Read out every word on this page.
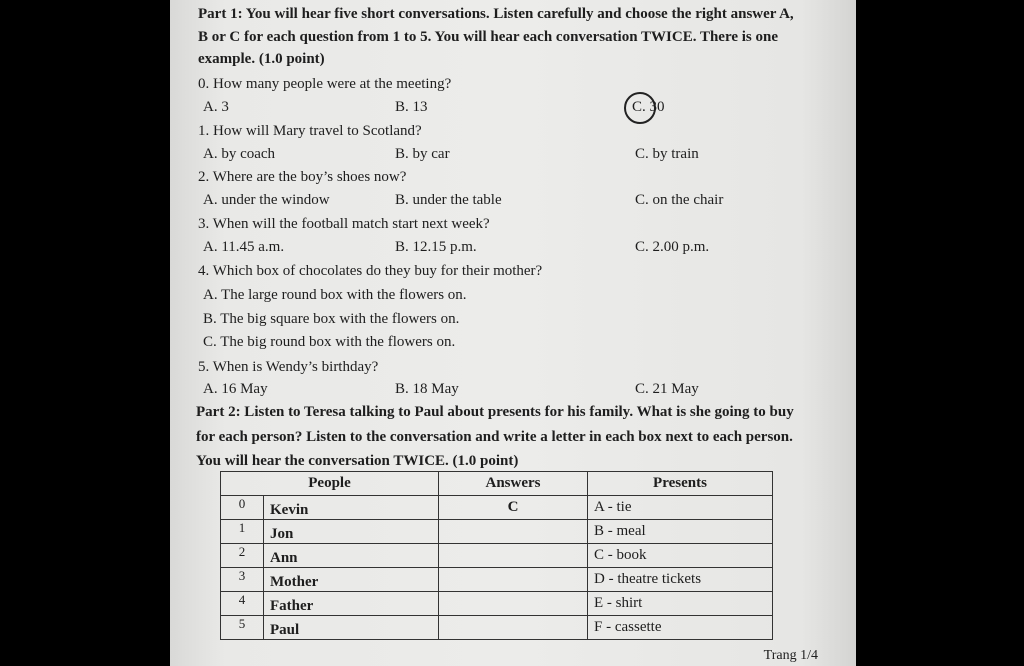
Part 1: You will hear five short conversations. Listen carefully and choose the right answer A,
B or C for each question from 1 to 5. You will hear each conversation TWICE. There is one
example. (1.0 point)
0. How many people were at the meeting?
A. 3	B. 13	C. 30
1. How will Mary travel to Scotland?
A. by coach	B. by car	C. by train
2. Where are the boy’s shoes now?
A. under the window	B. under the table	C. on the chair
3. When will the football match start next week?
A. 11.45 a.m.	B. 12.15 p.m.	C. 2.00 p.m.
4. Which box of chocolates do they buy for their mother?
A. The large round box with the flowers on.
B. The big square box with the flowers on.
C. The big round box with the flowers on.
5. When is Wendy’s birthday?
A. 16 May	B. 18 May	C. 21 May
Part 2: Listen to Teresa talking to Paul about presents for his family. What is she going to buy
for each person? Listen to the conversation and write a letter in each box next to each person.
You will hear the conversation TWICE. (1.0 point)
People		Answers	Presents
0	Kevin	C	A - tie
1	Jon		B - meal
2	Ann		C - book
3	Mother		D - theatre tickets
4	Father		E - shirt
5	Paul		F - cassette
Trang 1/4
